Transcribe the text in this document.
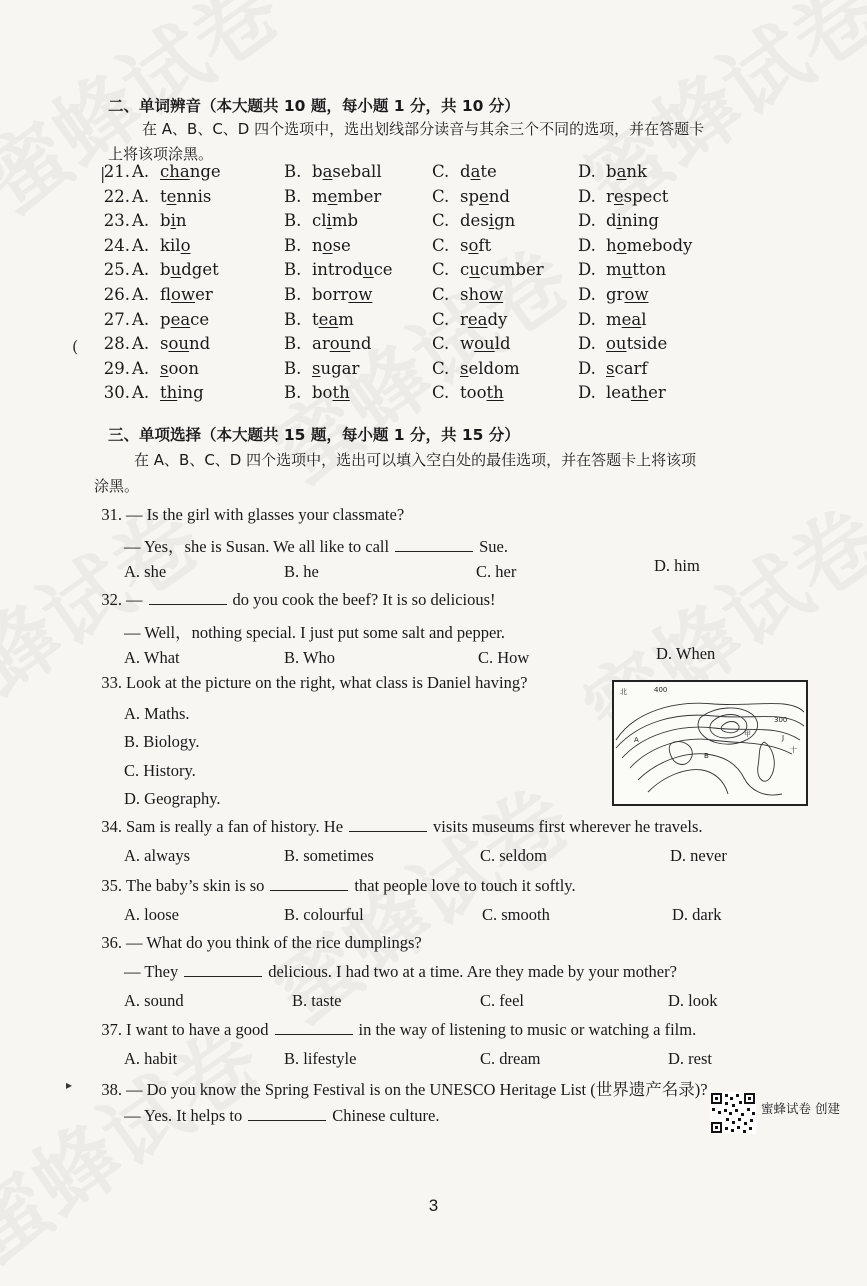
二、单词辨音（本大题共 10 题，每小题 1 分，共 10 分）
在 A、B、C、D 四个选项中，选出划线部分读音与其余三个不同的选项，并在答题卡
上将该项涂黑。
21. A. change	B. baseball	C. date	D. bank
22. A. tennis	B. member	C. spend	D. respect
23. A. bin	B. climb	C. design	D. dining
24. A. kilo	B. nose	C. soft	D. homebody
25. A. budget	B. introduce C. cucumber D. mutton
26. A. flower	B. borrow	C. show	D. grow
27. A. peace	B. team	C. ready	D. meal
28. A. sound	B. around	C. would	D. outside
29. A. soon	B. sugar	C. seldom	D. scarf
30. A. thing	B. both	C. tooth	D. leather
|
(
三、单项选择（本大题共 15 题，每小题 1 分，共 15 分）
在 A、B、C、D 四个选项中，选出可以填入空白处的最佳选项，并在答题卡上将该项
涂黑。
31. — Is the girl with glasses your classmate?
— Yes，she is Susan. We all like to call	Sue.
A. she	B. he	C. her	D. him
32. —	do you cook the beef? It is so delicious!
— Well，nothing special. I just put some salt and pepper.
A. What	B. Who	C. How	D. When
33. Look at the picture on the right, what class is Daniel having?
A. Maths.
B. Biology.
C. History.
D. Geography.
北
A
甲	J
十
B
400
300
34. Sam is really a fan of history. He	visits museums first wherever he travels.
A. always	B. sometimes	C. seldom	D. never
35. The baby’s skin is so	that people love to touch it softly.
A. loose	B. colourful	C. smooth	D. dark
36. — What do you think of the rice dumplings?
— They	delicious. I had two at a time. Are they made by your mother?
A. sound	B. taste	C. feel	D. look
37. I want to have a good	in the way of listening to music or watching a film.
A. habit	B. lifestyle	C. dream	D. rest
▸	38. — Do you know the Spring Festival is on the UNESCO Heritage List (世界遗产名录)?
— Yes. It helps to	Chinese culture.	蜜蜂试卷 创建
3
